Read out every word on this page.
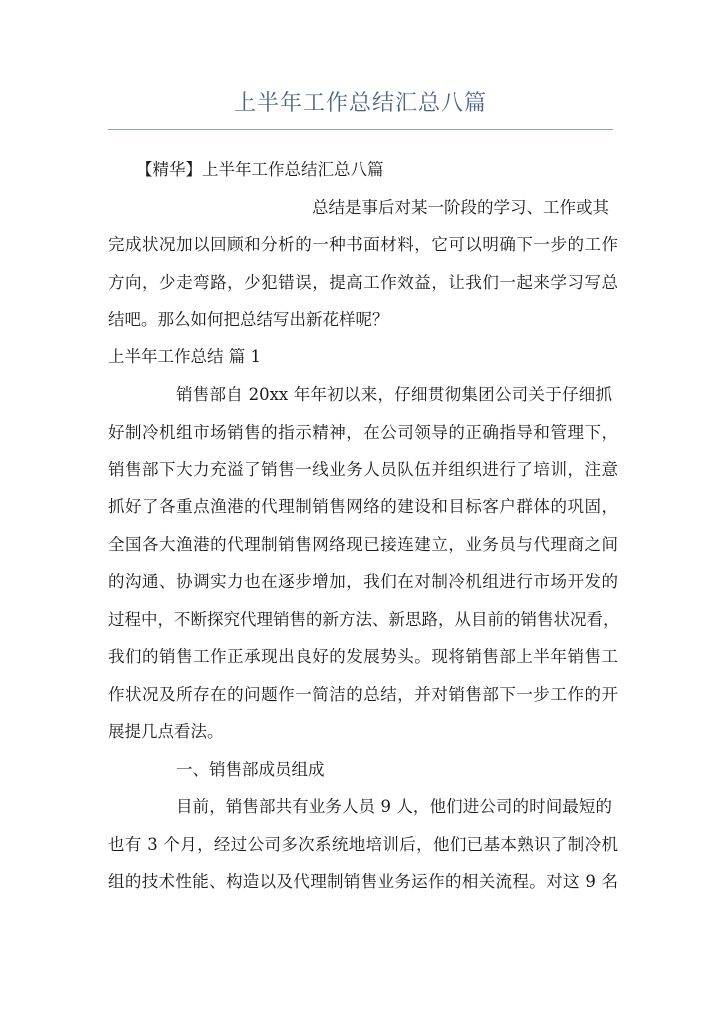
上半年工作总结汇总八篇
【精华】上半年工作总结汇总八篇
总结是事后对某一阶段的学习、工作或其
完成状况加以回顾和分析的一种书面材料，它可以明确下一步的工作
方向，少走弯路，少犯错误，提高工作效益，让我们一起来学习写总
结吧。那么如何把总结写出新花样呢？
上半年工作总结 篇 1
销售部自 20xx 年年初以来，仔细贯彻集团公司关于仔细抓
好制冷机组市场销售的指示精神，在公司领导的正确指导和管理下，
销售部下大力充溢了销售一线业务人员队伍并组织进行了培训，注意
抓好了各重点渔港的代理制销售网络的建设和目标客户群体的巩固，
全国各大渔港的代理制销售网络现已接连建立，业务员与代理商之间
的沟通、协调实力也在逐步增加，我们在对制冷机组进行市场开发的
过程中，不断探究代理销售的新方法、新思路，从目前的销售状况看，
我们的销售工作正承现出良好的发展势头。现将销售部上半年销售工
作状况及所存在的问题作一简洁的总结，并对销售部下一步工作的开
展提几点看法。
一、销售部成员组成
目前，销售部共有业务人员 9 人，他们进公司的时间最短的
也有 3 个月，经过公司多次系统地培训后，他们已基本熟识了制冷机
组的技术性能、构造以及代理制销售业务运作的相关流程。对这 9 名
